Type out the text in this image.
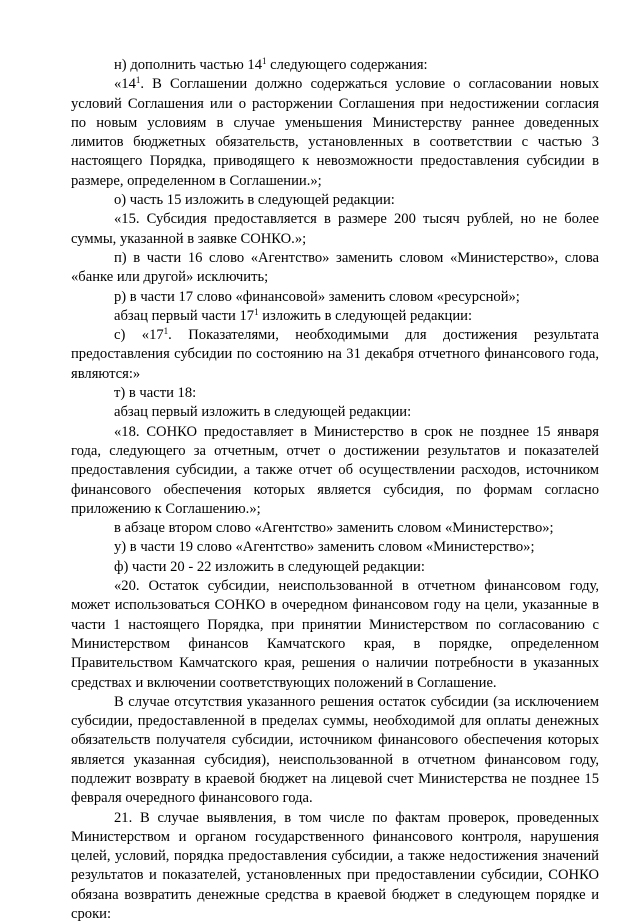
н) дополнить частью $14^1$ следующего содержания:

«$14^1$. В Соглашении должно содержаться условие о согласовании новых условий Соглашения или о расторжении Соглашения при недостижении согласия по новым условиям в случае уменьшения Министерству раннее доведенных лимитов бюджетных обязательств, установленных в соответствии с частью 3 настоящего Порядка, приводящего к невозможности предоставления субсидии в размере, определенном в Соглашении.»;

о) часть 15 изложить в следующей редакции:

«15. Субсидия предоставляется в размере 200 тысяч рублей, но не более суммы, указанной в заявке СОНКО.»;

п) в части 16 слово «Агентство» заменить словом «Министерство», слова «банке или другой» исключить;

р) в части 17 слово «финансовой» заменить словом «ресурсной»;

абзац первый части $17^1$ изложить в следующей редакции:

с) «$17^1$. Показателями, необходимыми для достижения результата предоставления субсидии по состоянию на 31 декабря отчетного финансового года, являются:»

т) в части 18:

абзац первый изложить в следующей редакции:

«18. СОНКО предоставляет в Министерство в срок не позднее 15 января года, следующего за отчетным, отчет о достижении результатов и показателей предоставления субсидии, а также отчет об осуществлении расходов, источником финансового обеспечения которых является субсидия, по формам согласно приложению к Соглашению.»;

в абзаце втором слово «Агентство» заменить словом «Министерство»;

у) в части 19 слово «Агентство» заменить словом «Министерство»;

ф) части 20 - 22 изложить в следующей редакции:

«20. Остаток субсидии, неиспользованной в отчетном финансовом году, может использоваться СОНКО в очередном финансовом году на цели, указанные в части 1 настоящего Порядка, при принятии Министерством по согласованию с Министерством финансов Камчатского края, в порядке, определенном Правительством Камчатского края, решения о наличии потребности в указанных средствах и включении соответствующих положений в Соглашение.

В случае отсутствия указанного решения остаток субсидии (за исключением субсидии, предоставленной в пределах суммы, необходимой для оплаты денежных обязательств получателя субсидии, источником финансового обеспечения которых является указанная субсидия), неиспользованной в отчетном финансовом году, подлежит возврату в краевой бюджет на лицевой счет Министерства не позднее 15 февраля очередного финансового года.

21. В случае выявления, в том числе по фактам проверок, проведенных Министерством и органом государственного финансового контроля, нарушения целей, условий, порядка предоставления субсидии, а также недостижения значений результатов и показателей, установленных при предоставлении субсидии, СОНКО обязана возвратить денежные средства в краевой бюджет в следующем порядке и сроки:
